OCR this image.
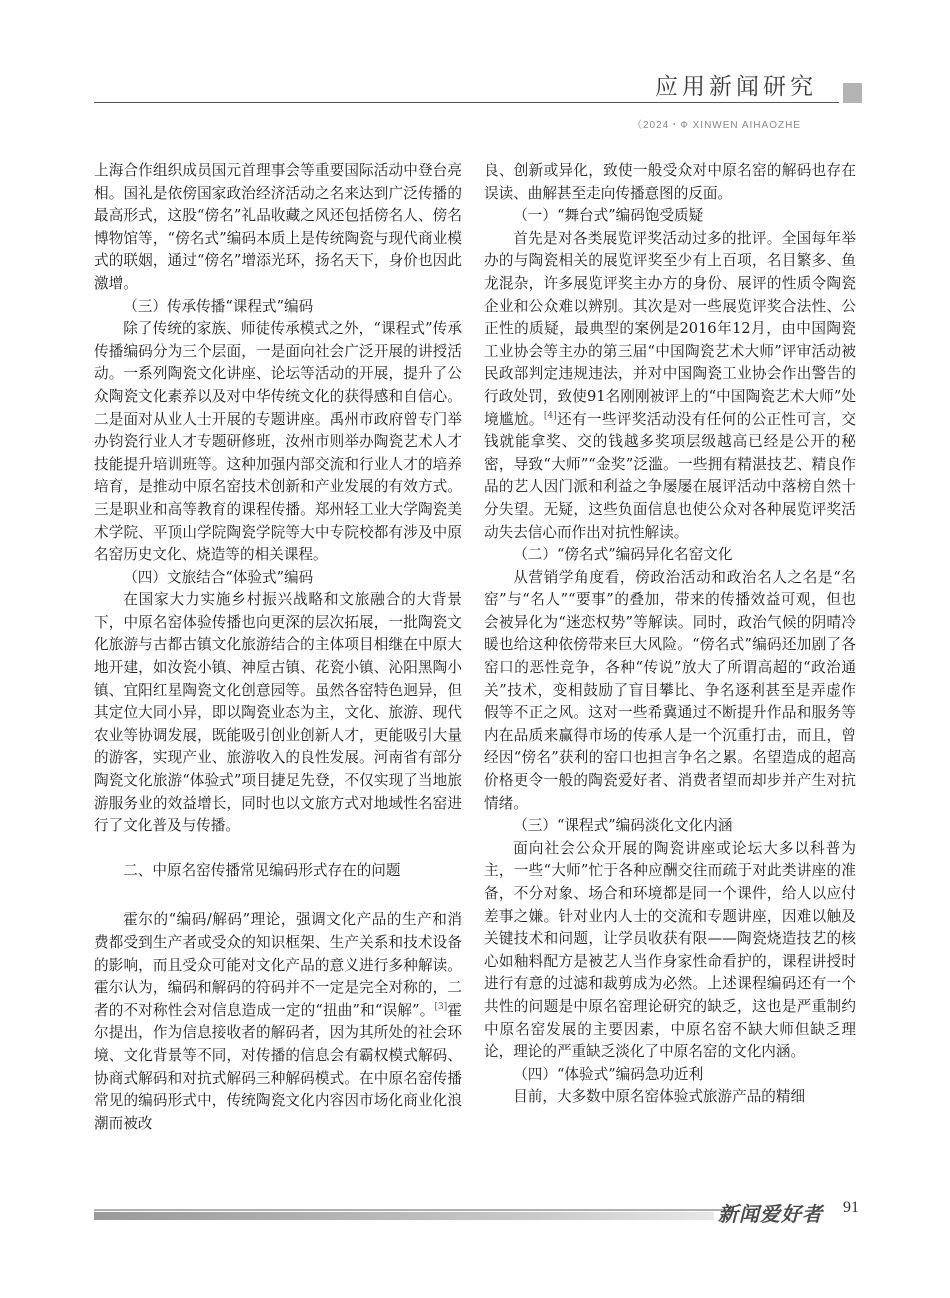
应用新闻研究
（2024・Ф XINWEN AIHAOZHE

上海合作组织成员国元首理事会等重要国际活动中登台亮相。国礼是依傍国家政治经济活动之名来达到广泛传播的最高形式，这股“傍名”礼品收藏之风还包括傍名人、傍名博物馆等，“傍名式”编码本质上是传统陶瓷与现代商业模式的联姻，通过“傍名”增添光环，扬名天下，身价也因此激增。

（三）传承传播“课程式”编码

除了传统的家族、师徒传承模式之外，“课程式”传承传播编码分为三个层面，一是面向社会广泛开展的讲授活动。一系列陶瓷文化讲座、论坛等活动的开展，提升了公众陶瓷文化素养以及对中华传统文化的获得感和自信心。二是面对从业人士开展的专题讲座。禹州市政府曾专门举办钧瓷行业人才专题研修班，汝州市则举办陶瓷艺术人才技能提升培训班等。这种加强内部交流和行业人才的培养培育，是推动中原名窑技术创新和产业发展的有效方式。三是职业和高等教育的课程传播。郑州轻工业大学陶瓷美术学院、平顶山学院陶瓷学院等大中专院校都有涉及中原名窑历史文化、烧造等的相关课程。

（四）文旅结合“体验式”编码

在国家大力实施乡村振兴战略和文旅融合的大背景下，中原名窑体验传播也向更深的层次拓展，一批陶瓷文化旅游与古都古镇文化旅游结合的主体项目相继在中原大地开建，如汝瓷小镇、神垕古镇、花瓷小镇、沁阳黑陶小镇、宜阳红星陶瓷文化创意园等。虽然各窑特色迥异，但其定位大同小异，即以陶瓷业态为主，文化、旅游、现代农业等协调发展，既能吸引创业创新人才，更能吸引大量的游客，实现产业、旅游收入的良性发展。河南省有部分陶瓷文化旅游“体验式”项目捷足先登，不仅实现了当地旅游服务业的效益增长，同时也以文旅方式对地域性名窑进行了文化普及与传播。

二、中原名窑传播常见编码形式存在的问题

霍尔的“编码/解码”理论，强调文化产品的生产和消费都受到生产者或受众的知识框架、生产关系和技术设备的影响，而且受众可能对文化产品的意义进行多种解读。霍尔认为，编码和解码的符码并不一定是完全对称的，二者的不对称性会对信息造成一定的“扭曲”和“误解”。[3]霍尔提出，作为信息接收者的解码者，因为其所处的社会环境、文化背景等不同，对传播的信息会有霸权模式解码、协商式解码和对抗式解码三种解码模式。在中原名窑传播常见的编码形式中，传统陶瓷文化内容因市场化商业化浪潮而被改

良、创新或异化，致使一般受众对中原名窑的解码也存在误读、曲解甚至走向传播意图的反面。

（一）“舞台式”编码饱受质疑

首先是对各类展览评奖活动过多的批评。全国每年举办的与陶瓷相关的展览评奖至少有上百项，名目繁多、鱼龙混杂，许多展览评奖主办方的身份、展评的性质令陶瓷企业和公众难以辨别。其次是对一些展览评奖合法性、公正性的质疑，最典型的案例是2016年12月，由中国陶瓷工业协会等主办的第三届“中国陶瓷艺术大师”评审活动被民政部判定违规违法，并对中国陶瓷工业协会作出警告的行政处罚，致使91名刚刚被评上的“中国陶瓷艺术大师”处境尴尬。[4]还有一些评奖活动没有任何的公正性可言，交钱就能拿奖、交的钱越多奖项层级越高已经是公开的秘密，导致“大师”“金奖”泛滥。一些拥有精湛技艺、精良作品的艺人因门派和利益之争屡屡在展评活动中落榜自然十分失望。无疑，这些负面信息也使公众对各种展览评奖活动失去信心而作出对抗性解读。

（二）“傍名式”编码异化名窑文化

从营销学角度看，傍政治活动和政治名人之名是“名窑”与“名人”“要事”的叠加，带来的传播效益可观，但也会被异化为“迷恋权势”等解读。同时，政治气候的阴晴冷暖也给这种依傍带来巨大风险。“傍名式”编码还加剧了各窑口的恶性竞争，各种“传说”放大了所谓高超的“政治通关”技术，变相鼓励了盲目攀比、争名逐利甚至是弄虚作假等不正之风。这对一些希冀通过不断提升作品和服务等内在品质来赢得市场的传承人是一个沉重打击，而且，曾经因“傍名”获利的窑口也担言争名之累。名望造成的超高价格更令一般的陶瓷爱好者、消费者望而却步并产生对抗情绪。

（三）“课程式”编码淡化文化内涵

面向社会公众开展的陶瓷讲座或论坛大多以科普为主，一些“大师”忙于各种应酬交往而疏于对此类讲座的准备，不分对象、场合和环境都是同一个课件，给人以应付差事之嫌。针对业内人士的交流和专题讲座，因难以触及关键技术和问题，让学员收获有限——陶瓷烧造技艺的核心如釉料配方是被艺人当作身家性命看护的，课程讲授时进行有意的过滤和裁剪成为必然。上述课程编码还有一个共性的问题是中原名窑理论研究的缺乏，这也是严重制约中原名窑发展的主要因素，中原名窑不缺大师但缺乏理论，理论的严重缺乏淡化了中原名窑的文化内涵。

（四）“体验式”编码急功近利

目前，大多数中原名窑体验式旅游产品的精细

新闻爱好者 91
